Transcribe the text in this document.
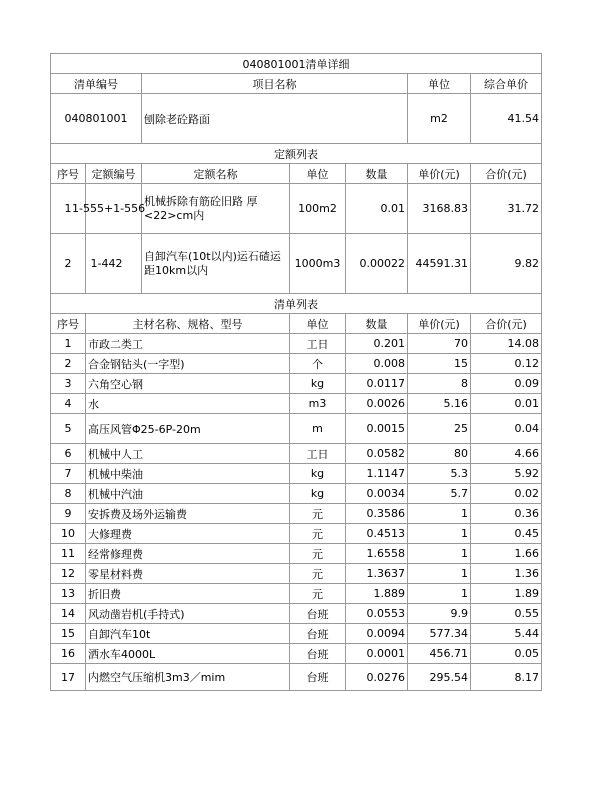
040801001清单详细						
清单编号		项目名称			单位	综合单价
040801001		刨除老砼路面			m2	41.54
定额列表						
序号	定额编号	定额名称	单位	数量	单价(元)	合价(元)
1	1-555+1-556	机械拆除有筋砼旧路 厚<22>cm内	100m2	0.01	3168.83	31.72
2	1-442	自卸汽车(10t以内)运石碴运距10km以内	1000m3	0.00022	44591.31	9.82
清单列表						
序号	主材名称、规格、型号		单位	数量	单价(元)	合价(元)
1	市政二类工		工日	0.201	70	14.08
2	合金钢钻头(一字型)		个	0.008	15	0.12
3	六角空心钢		kg	0.0117	8	0.09
4	水		m3	0.0026	5.16	0.01
5	高压风管Φ25-6P-20m		m	0.0015	25	0.04
6	机械中人工		工日	0.0582	80	4.66
7	机械中柴油		kg	1.1147	5.3	5.92
8	机械中汽油		kg	0.0034	5.7	0.02
9	安拆费及场外运输费		元	0.3586	1	0.36
10	大修理费		元	0.4513	1	0.45
11	经常修理费		元	1.6558	1	1.66
12	零星材料费		元	1.3637	1	1.36
13	折旧费		元	1.889	1	1.89
14	风动凿岩机(手持式)		台班	0.0553	9.9	0.55
15	自卸汽车10t		台班	0.0094	577.34	5.44
16	洒水车4000L		台班	0.0001	456.71	0.05
17	内燃空气压缩机3m3／mim		台班	0.0276	295.54	8.17
